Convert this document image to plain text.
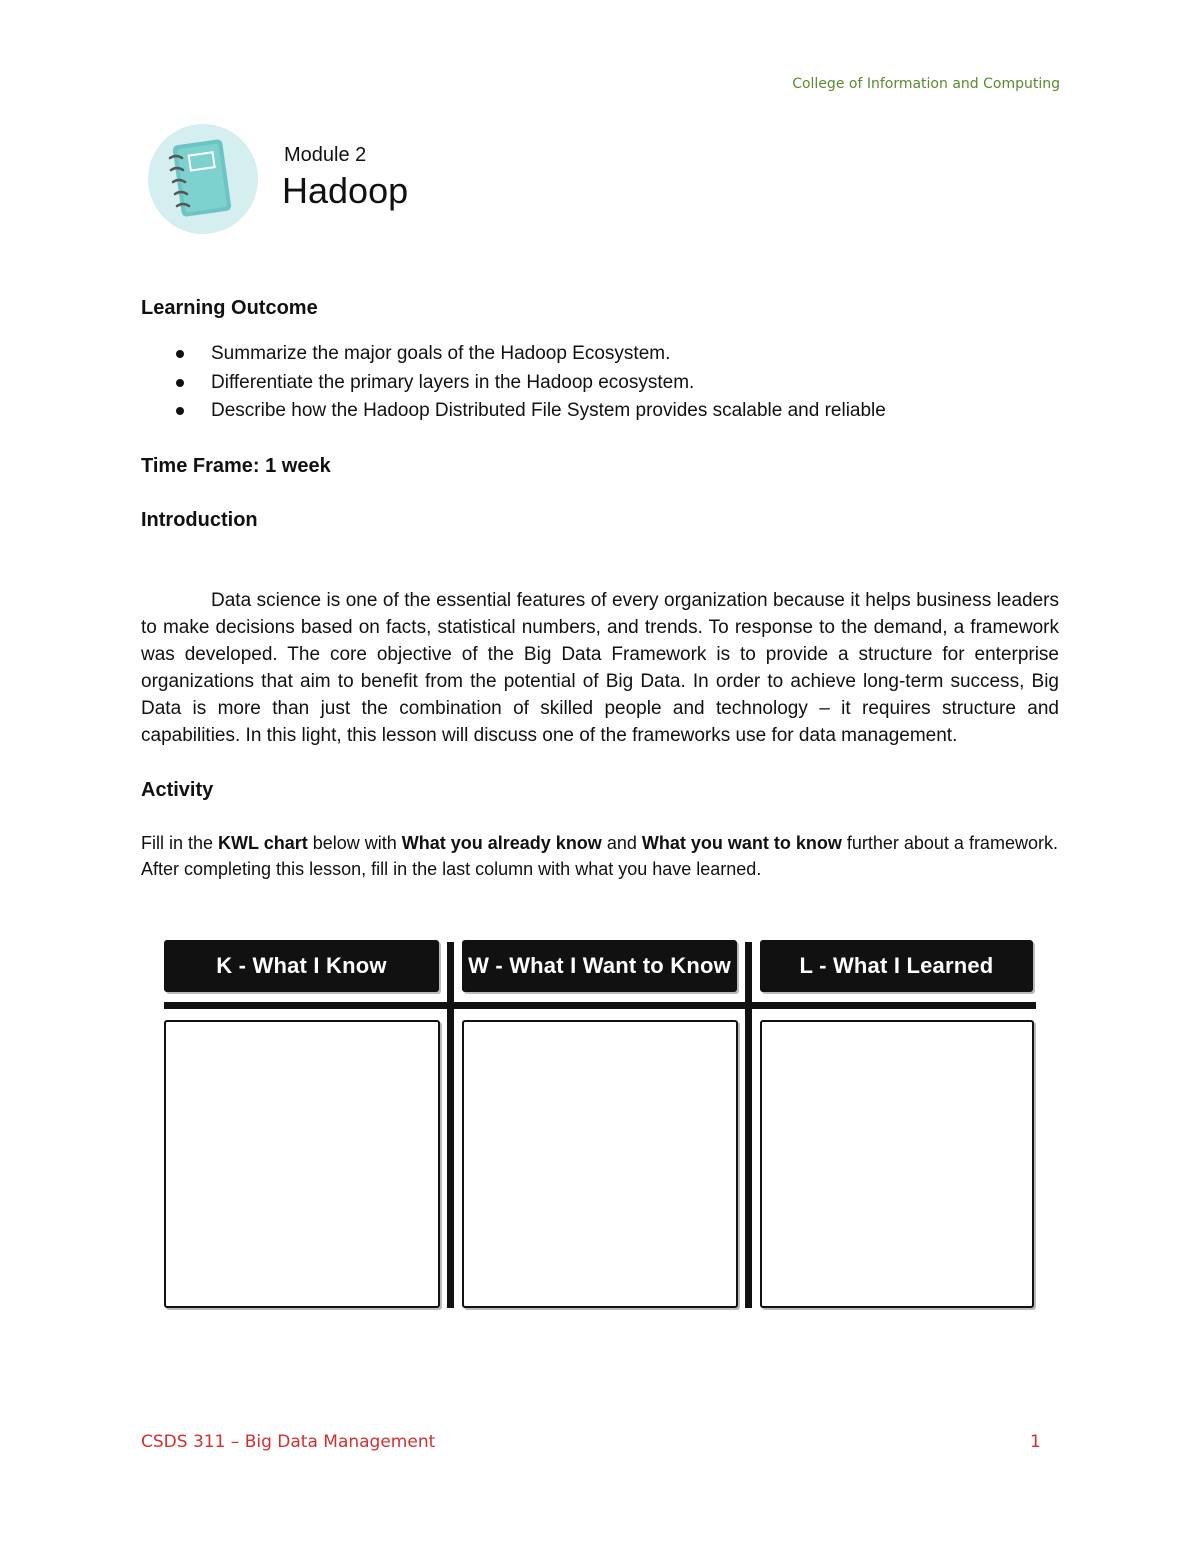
College of Information and Computing
Module 2
Hadoop
Learning Outcome
Summarize the major goals of the Hadoop Ecosystem.
Differentiate the primary layers in the Hadoop ecosystem.
Describe how the Hadoop Distributed File System provides scalable and reliable
Time Frame: 1 week
Introduction

Data science is one of the essential features of every organization because it helps business leaders to make decisions based on facts, statistical numbers, and trends. To response to the demand, a framework was developed. The core objective of the Big Data Framework is to provide a structure for enterprise organizations that aim to benefit from the potential of Big Data. In order to achieve long-term success, Big Data is more than just the combination of skilled people and technology – it requires structure and capabilities. In this light, this lesson will discuss one of the frameworks use for data management.

Activity

Fill in the KWL chart below with What you already know and What you want to know further about a framework. After completing this lesson, fill in the last column with what you have learned.

K - What I Know	W - What I Want to Know	L - What I Learned
CSDS 311 – Big Data Management	1
